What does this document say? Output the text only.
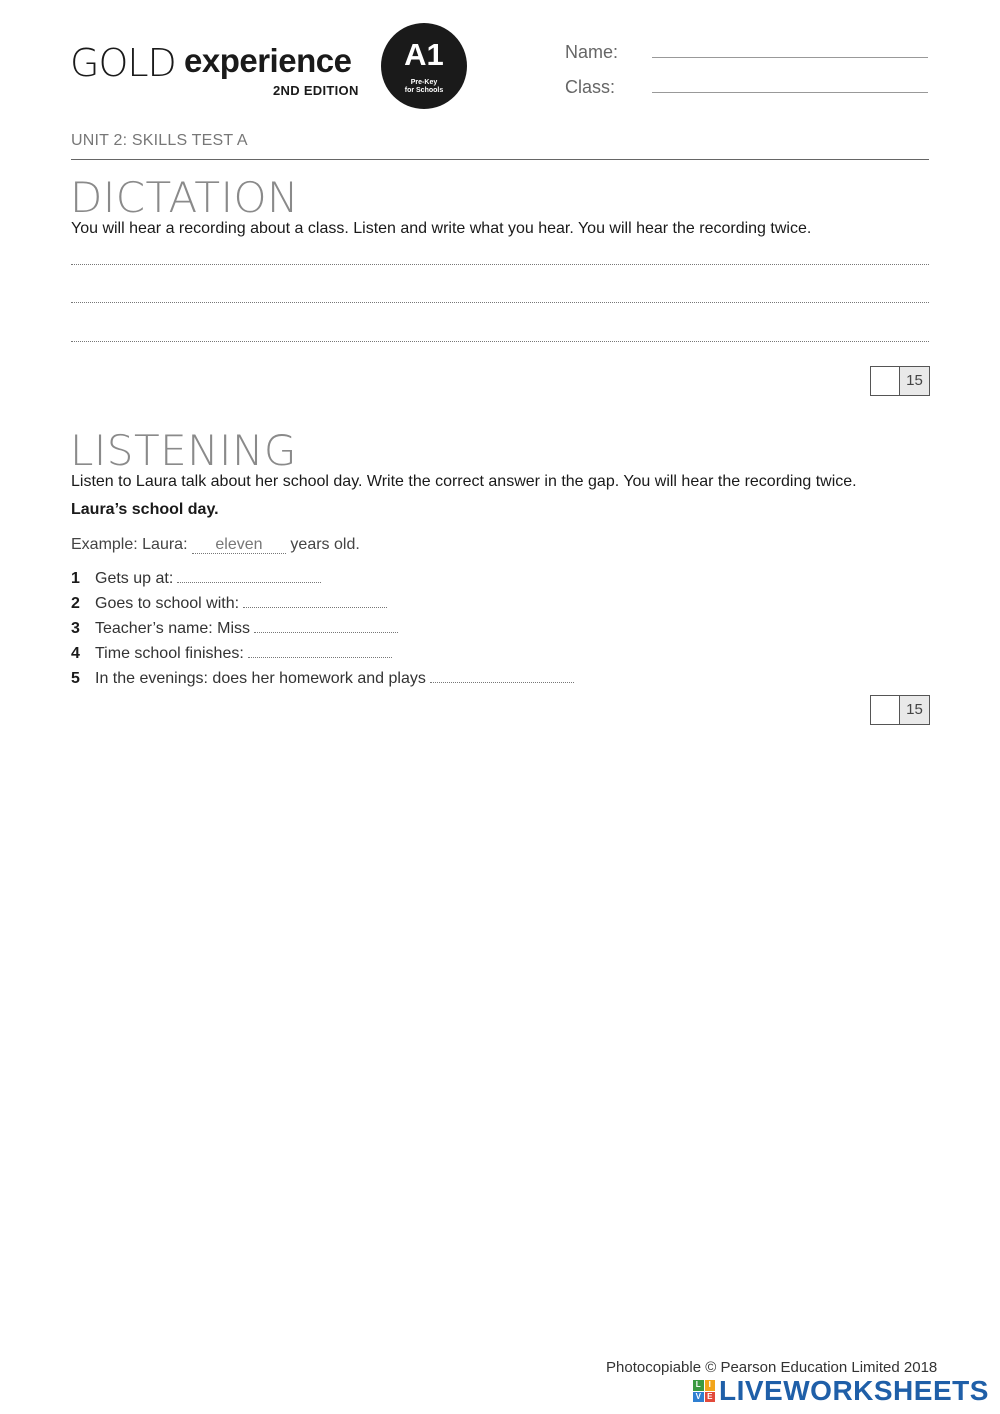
GOLD experience
2ND EDITION
A1
Pre-Key
for Schools
Name:
Class:
UNIT 2: SKILLS TEST A
DICTATION
You will hear a recording about a class. Listen and write what you hear. You will hear the recording twice.
15
LISTENING
Listen to Laura talk about her school day. Write the correct answer in the gap. You will hear the recording twice.
Laura’s school day.
Example: Laura: eleven years old.
1 Gets up at:
2 Goes to school with:
3 Teacher’s name: Miss
4 Time school finishes:
5 In the evenings: does her homework and plays
15
Photocopiable © Pearson Education Limited 2018
L I
V E LIVEWORKSHEETS
